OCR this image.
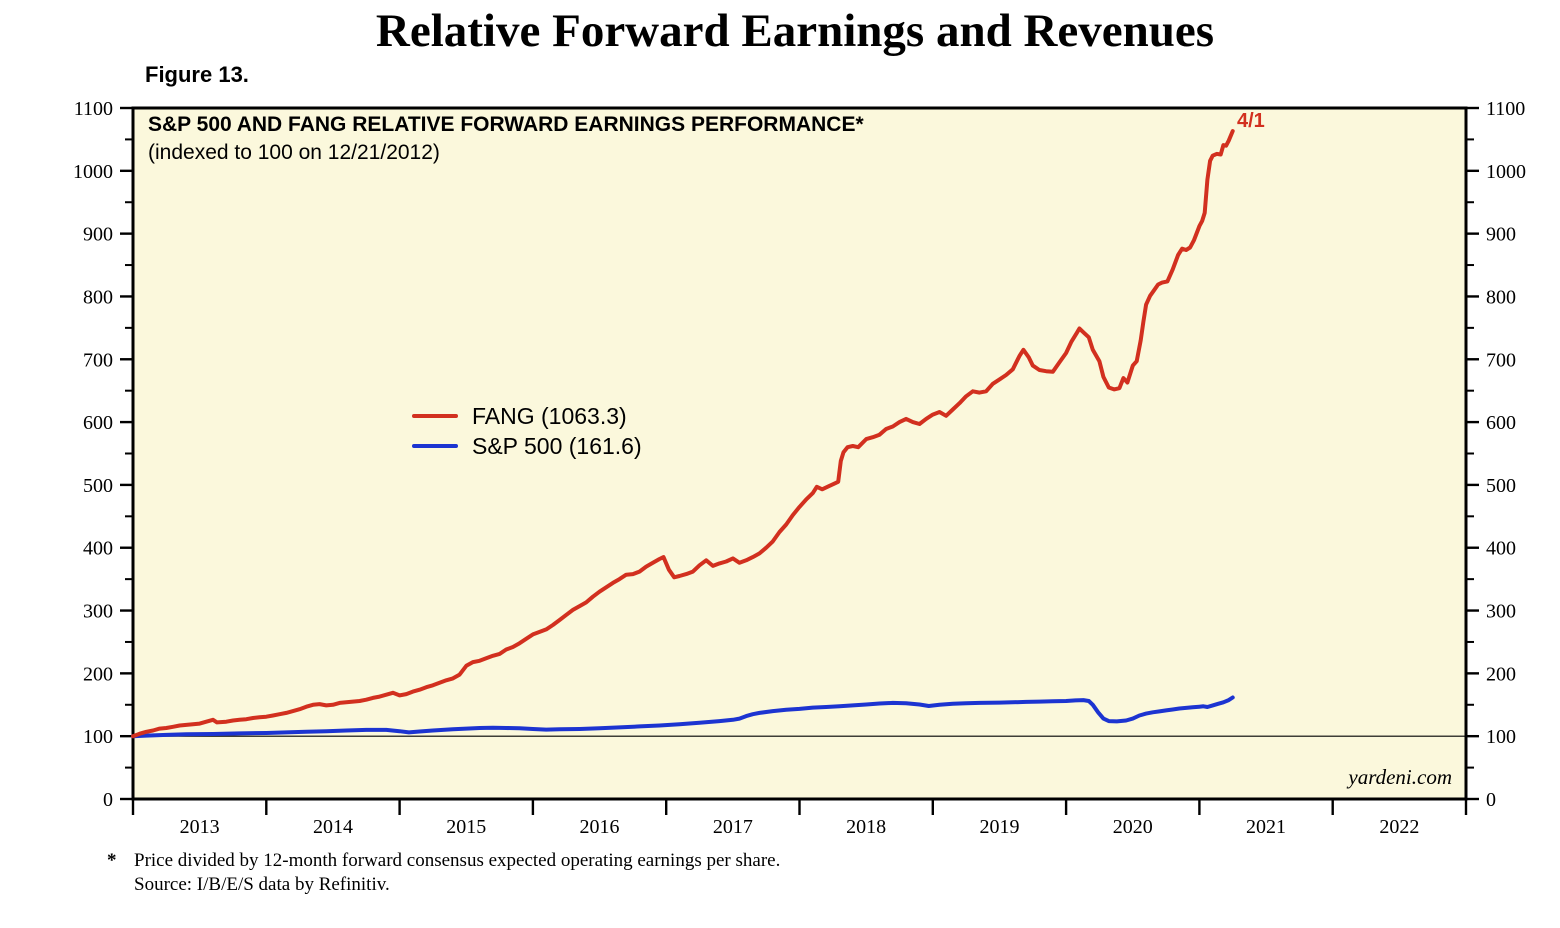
Relative Forward Earnings and Revenues
Figure 13.
0	0
100	100
200	200
300	300
400	400
500	500
600	600
700	700
800	800
900	900
1000	1000
1100	1100
2013	2014	2015	2016	2017	2018	2019	2020	2021	2022
S&P 500 AND FANG RELATIVE FORWARD EARNINGS PERFORMANCE*
(indexed to 100 on 12/21/2012)
FANG (1063.3)
S&P 500 (161.6)
4/1
yardeni.com
* Price divided by 12-month forward consensus expected operating earnings per share.
Source: I/B/E/S data by Refinitiv.
